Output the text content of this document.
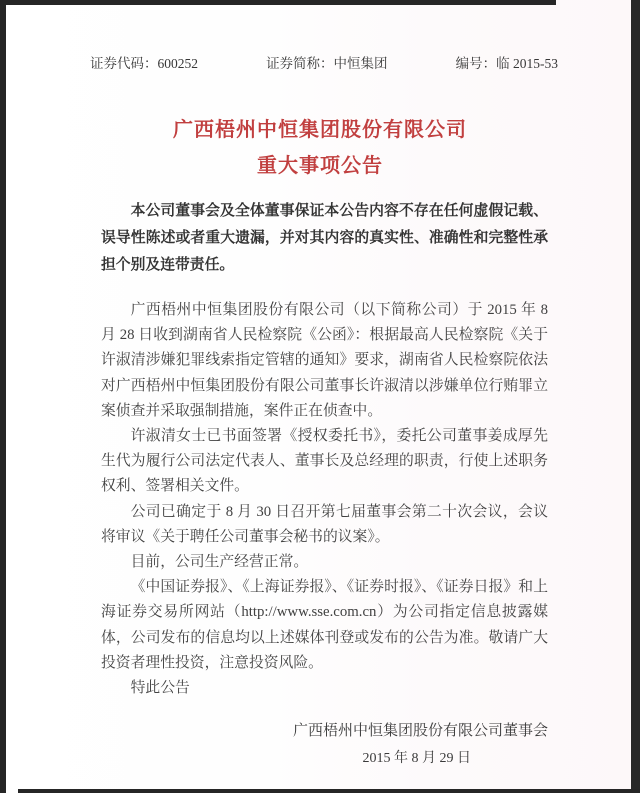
证券代码：600252	证券简称：中恒集团	编号：临 2015-53
广西梧州中恒集团股份有限公司
重大事项公告
本公司董事会及全体董事保证本公告内容不存在任何虚假记载、误导性陈述或者重大遗漏，并对其内容的真实性、准确性和完整性承担个别及连带责任。

广西梧州中恒集团股份有限公司（以下简称公司）于 2015 年 8 月 28 日收到湖南省人民检察院《公函》：根据最高人民检察院《关于许淑清涉嫌犯罪线索指定管辖的通知》要求，湖南省人民检察院依法对广西梧州中恒集团股份有限公司董事长许淑清以涉嫌单位行贿罪立案侦查并采取强制措施，案件正在侦查中。

许淑清女士已书面签署《授权委托书》，委托公司董事姜成厚先生代为履行公司法定代表人、董事长及总经理的职责，行使上述职务权利、签署相关文件。

公司已确定于 8 月 30 日召开第七届董事会第二十次会议，会议将审议《关于聘任公司董事会秘书的议案》。

目前，公司生产经营正常。

《中国证券报》、《上海证券报》、《证券时报》、《证券日报》和上海证券交易所网站（http://www.sse.com.cn）为公司指定信息披露媒体，公司发布的信息均以上述媒体刊登或发布的公告为准。敬请广大投资者理性投资，注意投资风险。

特此公告

广西梧州中恒集团股份有限公司董事会
2015 年 8 月 29 日
